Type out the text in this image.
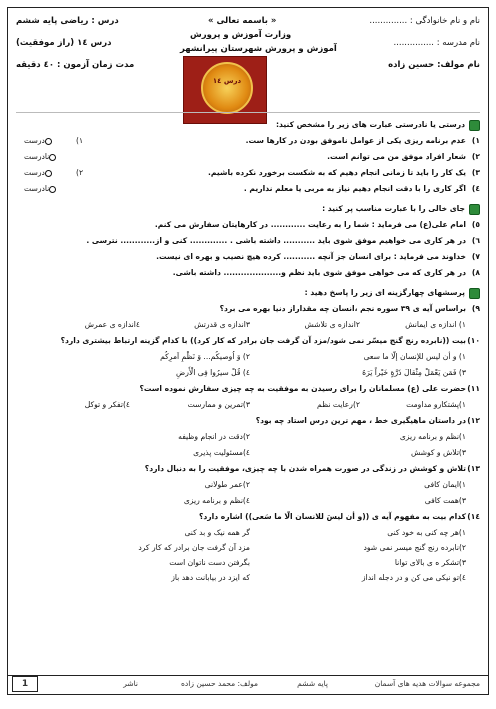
نام و نام خانوادگی : ..............
نام مدرسه : ...............
نام مولف: حسین زاده
« باسمه تعالی »
وزارت آموزش و پرورش
آموزش و پرورش شهرستان پیرانشهر
درس : ریاضی پایه ششم
درس ١٤ (راز موفقیت)
مدت زمان آزمون : ٤٠ دقیقه
درس ١٤
درستی یا نادرستی عبارت های زیر را مشخص کنید:
١)
عدم برنامه ریزی یکی از عوامل ناموفق بودن در کارها ست.
١)
درست
٢)
شعار افراد موفق من می توانم است.
نادرست
٣)
یک کار را باید تا زمانی انجام دهیم که به شکست برخورد نکرده باشیم.
٢)
درست
٤)
اگر کاری را با دقت انجام دهیم نیاز به مربی یا معلم نداریم .
نادرست
جای خالی را با عبارت مناسب پر کنید :
٥)
امام علی(ع) می فرماید : شما را به رعایت ............ در کارهایتان سفارش می کنم.
٦)
در هر کاری می خواهیم موفق شوی باید ........... داشته باشی . ............. کنی و از............ نترسی .
٧)
خداوند می فرماید : برای انسان جز آنچه ........... کرده هیچ نصیب و بهره ای نیست.
٨)
در هر کاری که می خواهی موفق شوی باید نظم و.................... داشته باشی.
پرسشهای چهارگزینه ای زیر را پاسخ دهید :
٩)
براساس آیه ی ٣٩ سوره نجم ،انسان چه مقداراز دنیا بهره می برد؟
١) اندازه ی ایمانش
٢اندازه ی تلاشش
٣اندازه ی قدرتش
٤اندازه ی عمرش
١٠)
بیت ((نابرده رنج گنج میسّر نمی شود/مزد آن گرفت جان برادر که کار کرد)) با کدام گزینه ارتباط بیشتری دارد؟
١) و أن لیس للإنسان إلّا ما سعی
٢) وَ اُوصیکُم... وَ نَظْمِ اَمرِکُم
٣) فَمَن یَعْمَلْ مِثْقالَ ذَرَّةٍ خَیْراً یَرَهُ
٤) قُلْ سیرُوا فِی الْأَرضِ
١١)
حضرت علی (ع) مسلمانان را برای رسیدن به موفقیت به چه چیزی سفارش نموده است؟
١)پشتکارو مداومت
٢)رعایت نظم
٣)تمرین و ممارست
٤)تفکر و توکل
١٢)
در داستان ماهیگیری خط ، مهم ترین درس استاد چه بود؟
١)نظم و برنامه ریزی
٢)دقت در انجام وظیفه
٣)تلاش و کوشش
٤)مسئولیت پذیری
١٣)
تلاش و کوشش در زندگی در صورت همراه شدن با چه چیزی، موفقیت را به دنبال دارد؟
١)ایمان کافی
٢)عمر طولانی
٣)همت کافی
٤)نظم و برنامه ریزی
١٤)
کدام بیت به مفهوم آیه ی ((و أن لیسَ للانسان الّا ما سَعی)) اشاره دارد؟
١)هر چه کنی به خود کنی
گر همه نیک و بد کنی
٢)نابرده رنج گنج میسر نمی شود
مزد آن گرفت جان برادر که کار کرد
٣)تشکر ه ی بالای توانا
بگرفتن دست ناتوان است
٤)تو نیکی می کن و در دجله انداز
که ایزد در بیابانت دهد باز
مجموعه سوالات هدیه های آسمان
پایه ششم
مولف: محمد حسین زاده
ناشر
1
